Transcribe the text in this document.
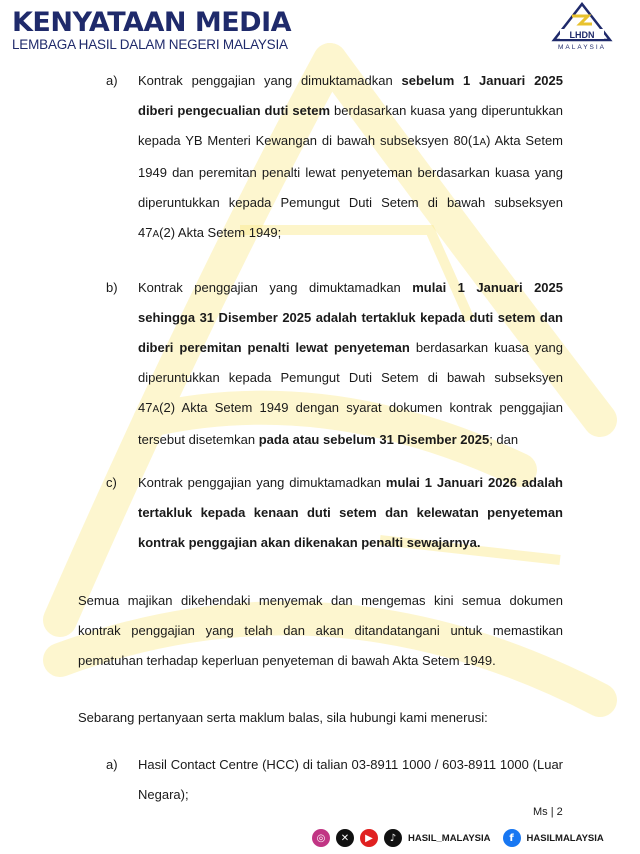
KENYATAAN MEDIA
LEMBAGA HASIL DALAM NEGERI MALAYSIA
LHDN
MALAYSIA
a) Kontrak penggajian yang dimuktamadkan sebelum 1 Januari 2025 diberi pengecualian duti setem berdasarkan kuasa yang diperuntukkan kepada YB Menteri Kewangan di bawah subseksyen 80(1A) Akta Setem 1949 dan peremitan penalti lewat penyeteman berdasarkan kuasa yang diperuntukkan kepada Pemungut Duti Setem di bawah subseksyen 47A(2) Akta Setem 1949;
b) Kontrak penggajian yang dimuktamadkan mulai 1 Januari 2025 sehingga 31 Disember 2025 adalah tertakluk kepada duti setem dan diberi peremitan penalti lewat penyeteman berdasarkan kuasa yang diperuntukkan kepada Pemungut Duti Setem di bawah subseksyen 47A(2) Akta Setem 1949 dengan syarat dokumen kontrak penggajian tersebut disetemkan pada atau sebelum 31 Disember 2025; dan
c) Kontrak penggajian yang dimuktamadkan mulai 1 Januari 2026 adalah tertakluk kepada kenaan duti setem dan kelewatan penyeteman kontrak penggajian akan dikenakan penalti sewajarnya.
Semua majikan dikehendaki menyemak dan mengemas kini semua dokumen kontrak penggajian yang telah dan akan ditandatangani untuk memastikan pematuhan terhadap keperluan penyeteman di bawah Akta Setem 1949.
Sebarang pertanyaan serta maklum balas, sila hubungi kami menerusi:
a) Hasil Contact Centre (HCC) di talian 03-8911 1000 / 603-8911 1000 (Luar Negara);
Ms | 2
◎	✕	▶	♪	HASIL_MALAYSIA	f	HASILMALAYSIA
